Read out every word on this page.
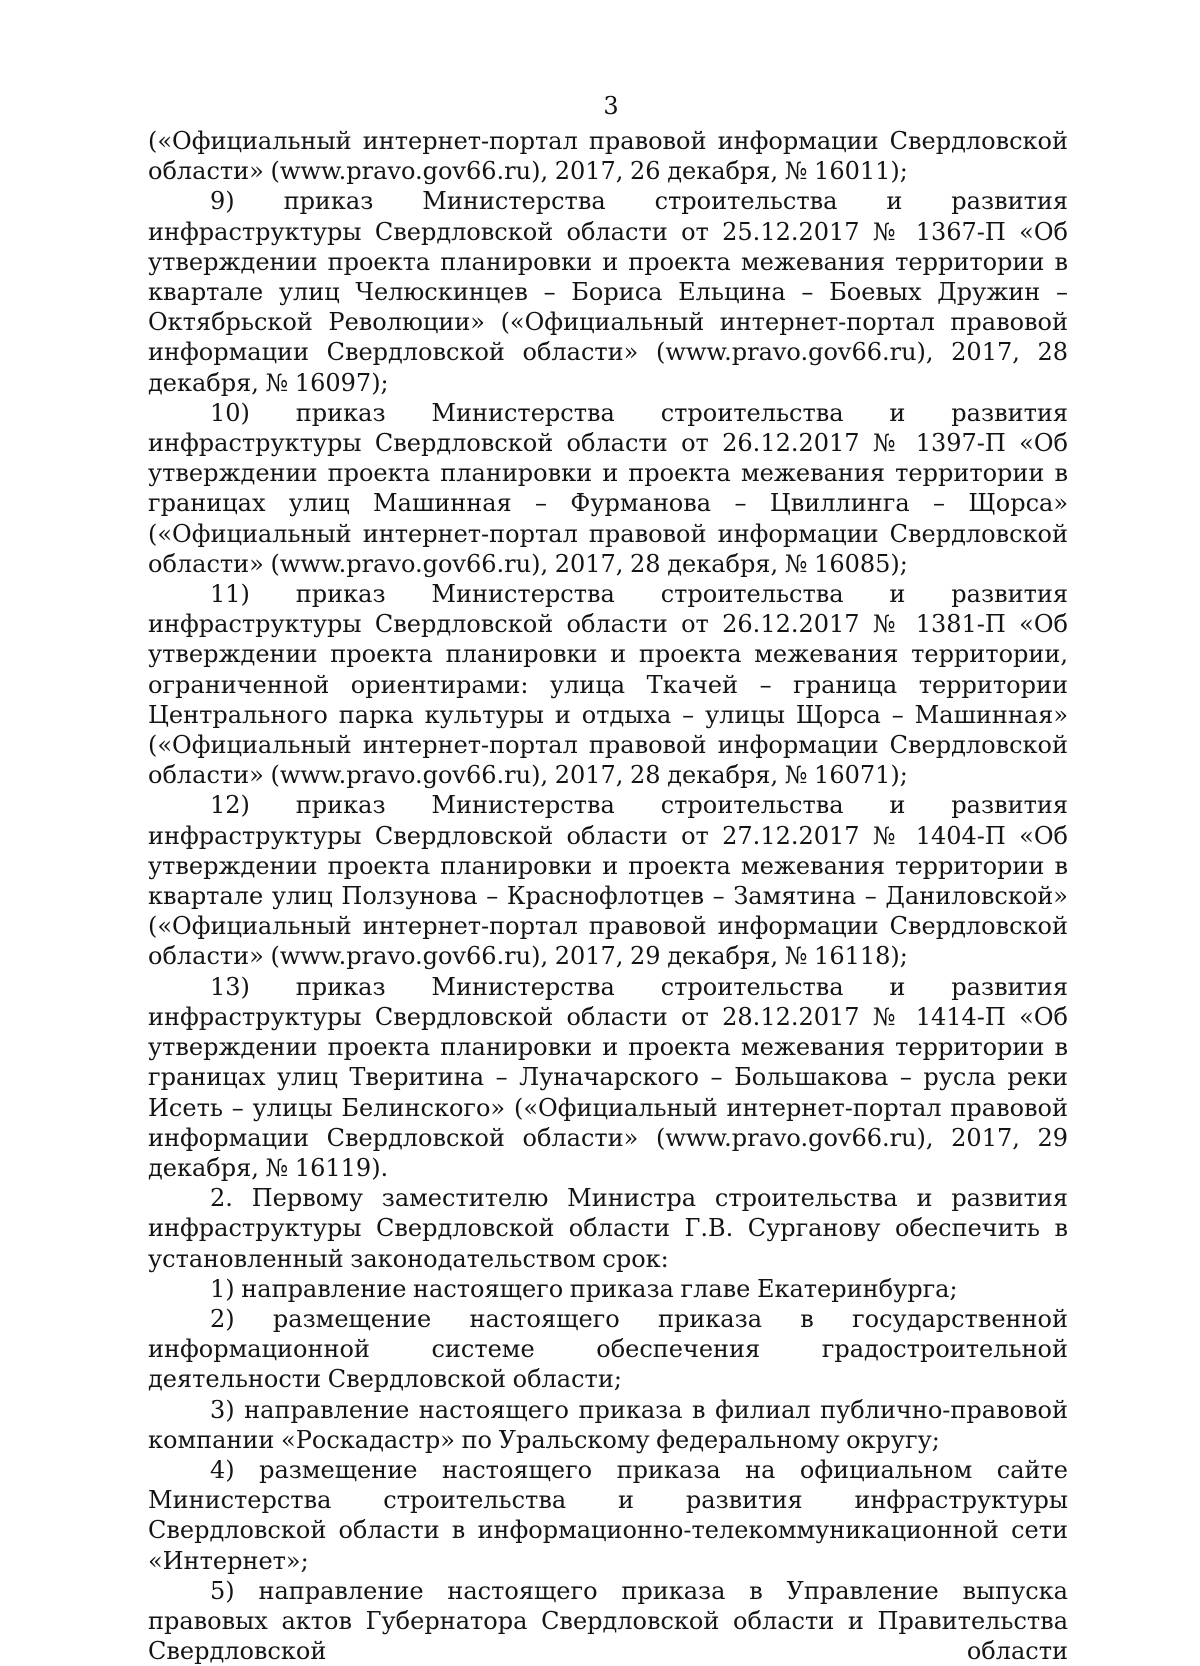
3

(«Официальный интернет-портал правовой информации Свердловской области» (www.pravo.gov66.ru), 2017, 26 декабря, № 16011);

9) приказ Министерства строительства и развития инфраструктуры Свердловской области от 25.12.2017 № 1367-П «Об утверждении проекта планировки и проекта межевания территории в квартале улиц Челюскинцев – Бориса Ельцина – Боевых Дружин – Октябрьской Революции» («Официальный интернет-портал правовой информации Свердловской области» (www.pravo.gov66.ru), 2017, 28 декабря, № 16097);

10) приказ Министерства строительства и развития инфраструктуры Свердловской области от 26.12.2017 № 1397-П «Об утверждении проекта планировки и проекта межевания территории в границах улиц Машинная – Фурманова – Цвиллинга – Щорса» («Официальный интернет-портал правовой информации Свердловской области» (www.pravo.gov66.ru), 2017, 28 декабря, № 16085);

11) приказ Министерства строительства и развития инфраструктуры Свердловской области от 26.12.2017 № 1381-П «Об утверждении проекта планировки и проекта межевания территории, ограниченной ориентирами: улица Ткачей – граница территории Центрального парка культуры и отдыха – улицы Щорса – Машинная» («Официальный интернет-портал правовой информации Свердловской области» (www.pravo.gov66.ru), 2017, 28 декабря, № 16071);

12) приказ Министерства строительства и развития инфраструктуры Свердловской области от 27.12.2017 № 1404-П «Об утверждении проекта планировки и проекта межевания территории в квартале улиц Ползунова – Краснофлотцев – Замятина – Даниловской» («Официальный интернет-портал правовой информации Свердловской области» (www.pravo.gov66.ru), 2017, 29 декабря, № 16118);

13) приказ Министерства строительства и развития инфраструктуры Свердловской области от 28.12.2017 № 1414-П «Об утверждении проекта планировки и проекта межевания территории в границах улиц Тверитина – Луначарского – Большакова – русла реки Исеть – улицы Белинского» («Официальный интернет-портал правовой информации Свердловской области» (www.pravo.gov66.ru), 2017, 29 декабря, № 16119).

2. Первому заместителю Министра строительства и развития инфраструктуры Свердловской области Г.В. Сурганову обеспечить в установленный законодательством срок:

1) направление настоящего приказа главе Екатеринбурга;

2) размещение настоящего приказа в государственной информационной системе обеспечения градостроительной деятельности Свердловской области;

3) направление настоящего приказа в филиал публично-правовой компании «Роскадастр» по Уральскому федеральному округу;

4) размещение настоящего приказа на официальном сайте Министерства строительства и развития инфраструктуры Свердловской области в информационно-телекоммуникационной сети «Интернет»;

5) направление настоящего приказа в Управление выпуска правовых актов Губернатора Свердловской области и Правительства Свердловской области
